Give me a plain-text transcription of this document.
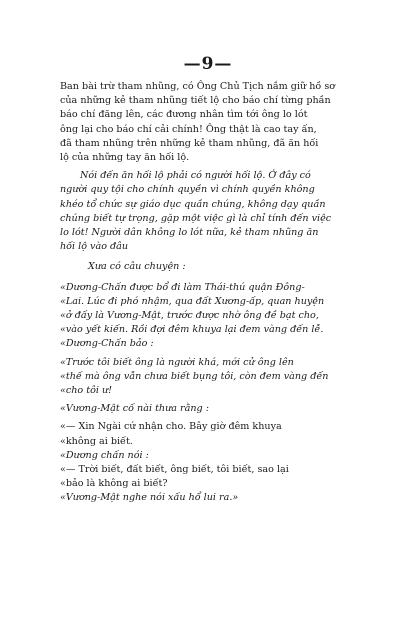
—9—
Ban bài trừ tham nhũng, có Ông Chủ Tịch nắm giữ hồ sơ
của những kẻ tham nhũng tiết lộ cho báo chí từng phần
báo chí đăng lên, các đương nhân tìm tới ông lo lót
ông lại cho báo chí cải chính! Ông thật là cao tay ấn,
đã tham nhũng trên những kẻ tham nhũng, đã ăn hối
lộ của những tay ăn hối lộ.
Nói đến ăn hối lộ phải có người hối lộ. Ở đây có
người quy tội cho chính quyền vì chính quyền không
khéo tổ chức sự giáo dục quần chúng, không dạy quần
chúng biết tự trọng, gặp một việc gì là chỉ tính đến việc
lo lót! Người dân không lo lót nữa, kẻ tham nhũng ăn
hối lộ vào đâu
Xưa có câu chuyện :
«Dương-Chấn được bổ đi làm Thái-thú quận Đông-
«Lai. Lúc đi phó nhậm, qua đất Xương-ấp, quan huyện
«ở đấy là Vương-Mật, trước được nhờ ông đề bạt cho,
«vào yết kiến. Rồi đợi đêm khuya lại đem vàng đến lễ.
«Dương-Chấn bảo :
«Trước tôi biết ông là người khá, mới cử ông lên
«thế mà ông vẫn chưa biết bụng tôi, còn đem vàng đến
«cho tôi ư!
«Vương-Mật cố nài thưa rằng :
«— Xin Ngài cứ nhận cho. Bây giờ đêm khuya
«không ai biết.
«Dương chấn nói :
«— Trời biết, đất biết, ông biết, tôi biết, sao lại
«bảo là không ai biết?
«Vương-Mật nghe nói xấu hổ lui ra.»
